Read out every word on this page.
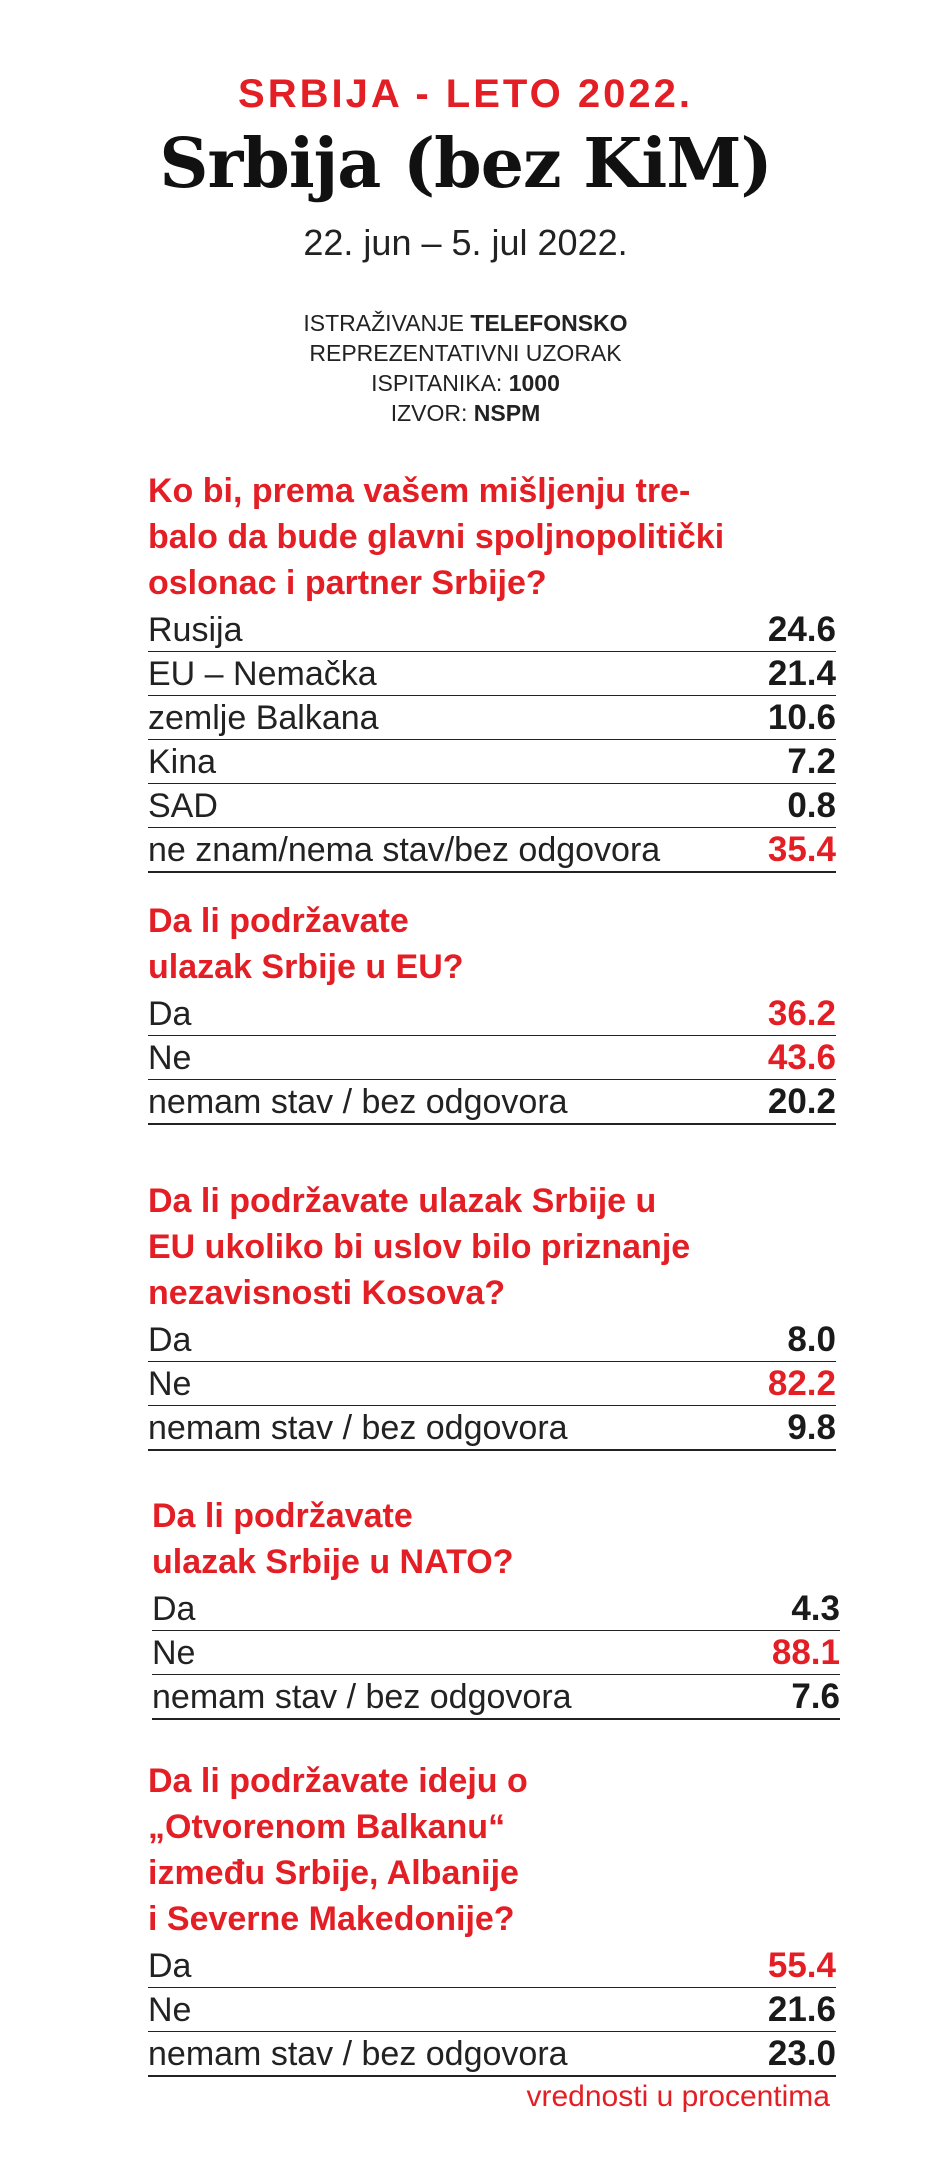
SRBIJA - LETO 2022.
Srbija (bez KiM)
22. jun – 5. jul 2022.
ISTRAŽIVANJE TELEFONSKO
REPREZENTATIVNI UZORAK
ISPITANIKA: 1000
IZVOR: NSPM
Ko bi, prema vašem mišljenju tre-
balo da bude glavni spoljnopolitički
oslonac i partner Srbije?
Rusija	24.6
EU – Nemačka	21.4
zemlje Balkana	10.6
Kina	7.2
SAD	0.8
ne znam/nema stav/bez odgovora	35.4
Da li podržavate
ulazak Srbije u EU?
Da	36.2
Ne	43.6
nemam stav / bez odgovora	20.2
Da li podržavate ulazak Srbije u
EU ukoliko bi uslov bilo priznanje
nezavisnosti Kosova?
Da	8.0
Ne	82.2
nemam stav / bez odgovora	9.8
Da li podržavate
ulazak Srbije u NATO?
Da	4.3
Ne	88.1
nemam stav / bez odgovora	7.6
Da li podržavate ideju o
„Otvorenom Balkanu“
između Srbije, Albanije
i Severne Makedonije?
Da	55.4
Ne	21.6
nemam stav / bez odgovora	23.0
vrednosti u procentima
